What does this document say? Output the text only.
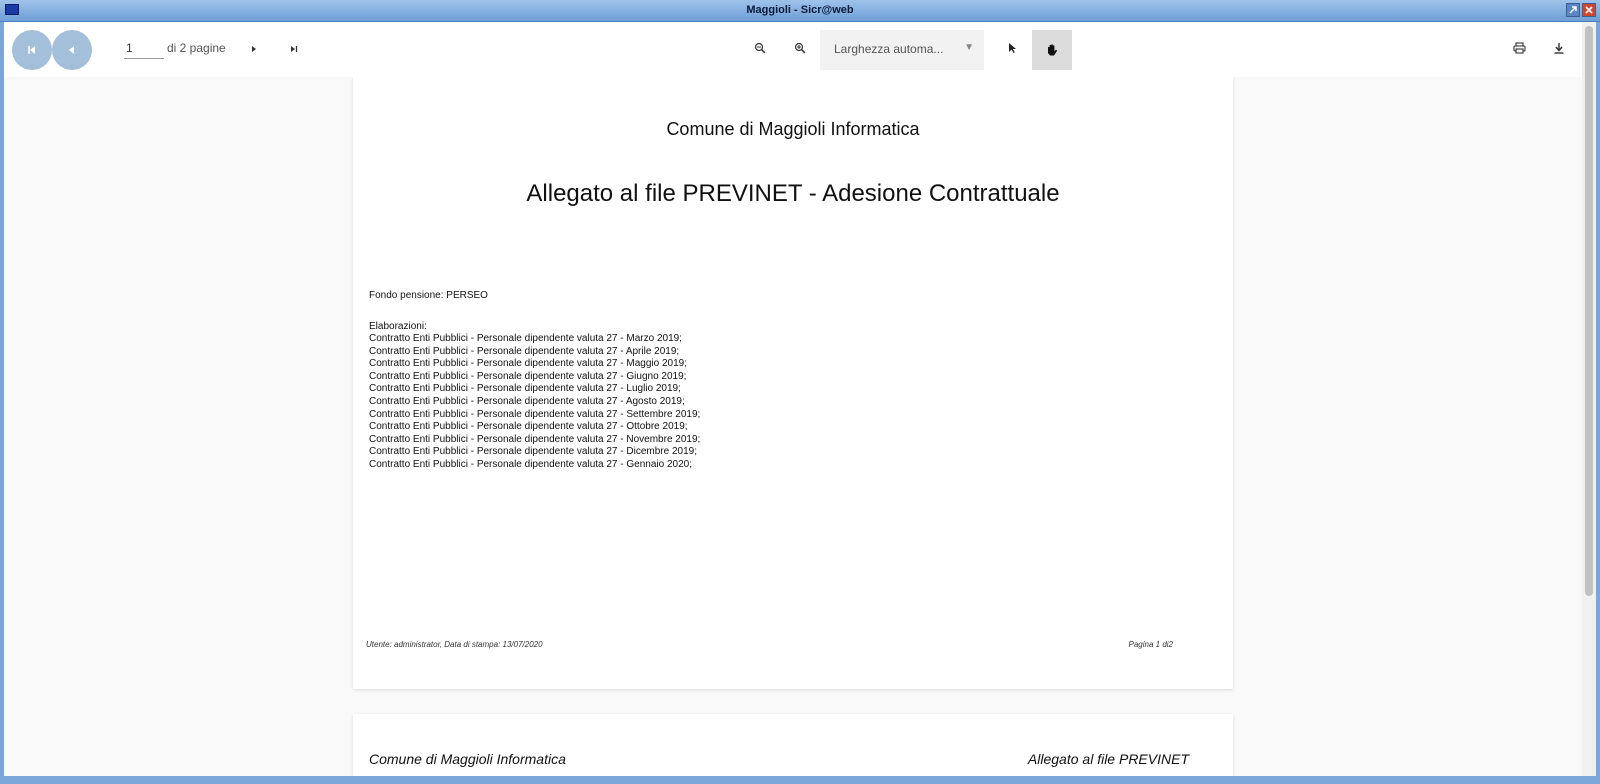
Maggioli - Sicr@web
1
di 2 pagine	Larghezza automa... ▼
Comune di Maggioli Informatica
Allegato al file PREVINET - Adesione Contrattuale
Fondo pensione: PERSEO
Elaborazioni:
Contratto Enti Pubblici - Personale dipendente valuta 27 - Marzo 2019;
Contratto Enti Pubblici - Personale dipendente valuta 27 - Aprile 2019;
Contratto Enti Pubblici - Personale dipendente valuta 27 - Maggio 2019;
Contratto Enti Pubblici - Personale dipendente valuta 27 - Giugno 2019;
Contratto Enti Pubblici - Personale dipendente valuta 27 - Luglio 2019;
Contratto Enti Pubblici - Personale dipendente valuta 27 - Agosto 2019;
Contratto Enti Pubblici - Personale dipendente valuta 27 - Settembre 2019;
Contratto Enti Pubblici - Personale dipendente valuta 27 - Ottobre 2019;
Contratto Enti Pubblici - Personale dipendente valuta 27 - Novembre 2019;
Contratto Enti Pubblici - Personale dipendente valuta 27 - Dicembre 2019;
Contratto Enti Pubblici - Personale dipendente valuta 27 - Gennaio 2020;
Utente: administrator, Data di stampa: 13/07/2020	Pagina 1 di2
Comune di Maggioli Informatica	Allegato al file PREVINET
